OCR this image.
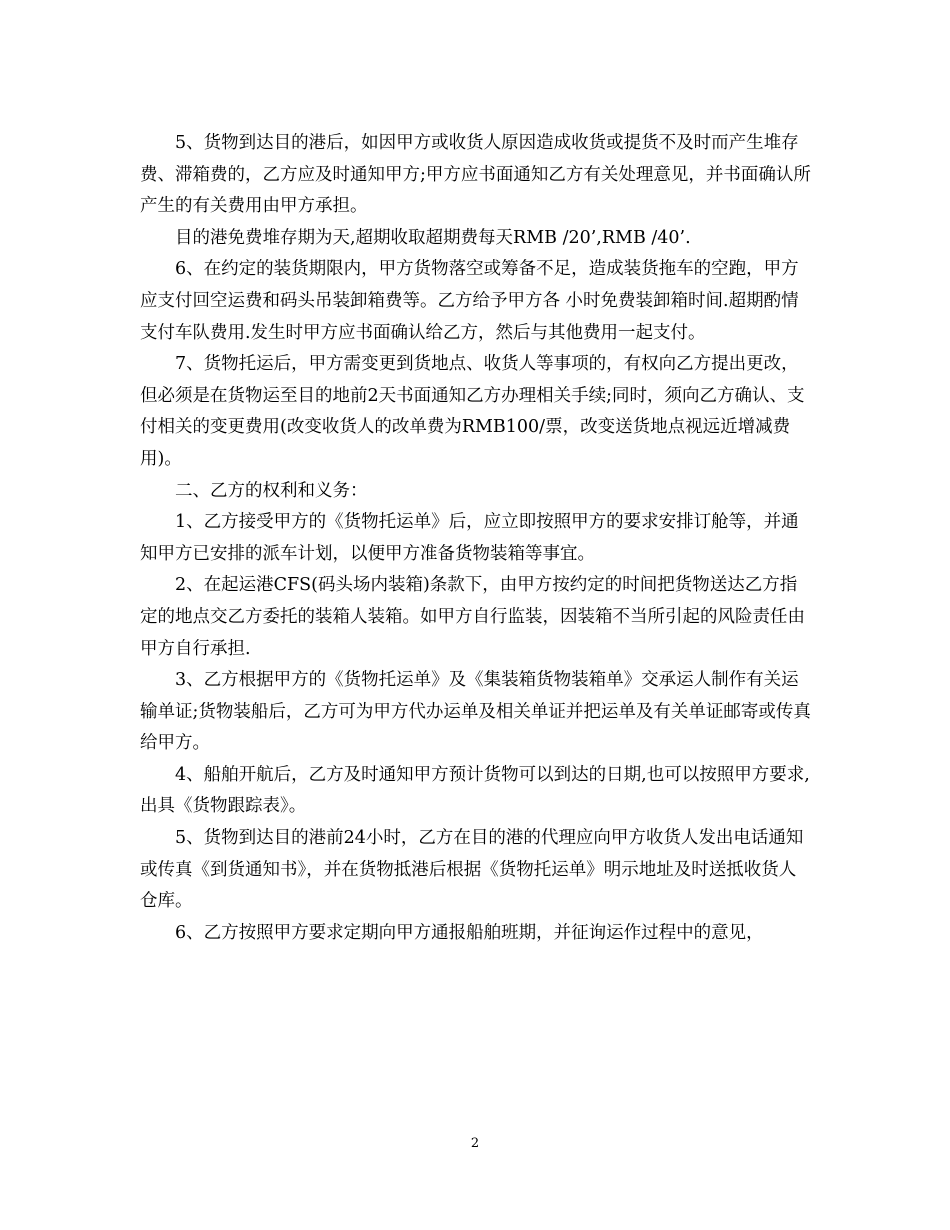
5、货物到达目的港后，如因甲方或收货人原因造成收货或提货不及时而产生堆存费、滞箱费的，乙方应及时通知甲方;甲方应书面通知乙方有关处理意见，并书面确认所产生的有关费用由甲方承担。

目的港免费堆存期为天,超期收取超期费每天RMB /20’,RMB /40’.

6、在约定的装货期限内，甲方货物落空或筹备不足，造成装货拖车的空跑，甲方应支付回空运费和码头吊装卸箱费等。乙方给予甲方各 小时免费装卸箱时间.超期酌情支付车队费用.发生时甲方应书面确认给乙方，然后与其他费用一起支付。

7、货物托运后，甲方需变更到货地点、收货人等事项的，有权向乙方提出更改，但必须是在货物运至目的地前2天书面通知乙方办理相关手续;同时，须向乙方确认、支付相关的变更费用(改变收货人的改单费为RMB100/票，改变送货地点视远近增减费用)。

二、乙方的权利和义务：

1、乙方接受甲方的《货物托运单》后，应立即按照甲方的要求安排订舱等，并通知甲方已安排的派车计划，以便甲方准备货物装箱等事宜。

2、在起运港CFS(码头场内装箱)条款下，由甲方按约定的时间把货物送达乙方指定的地点交乙方委托的装箱人装箱。如甲方自行监装，因装箱不当所引起的风险责任由甲方自行承担.

3、乙方根据甲方的《货物托运单》及《集装箱货物装箱单》交承运人制作有关运输单证;货物装船后，乙方可为甲方代办运单及相关单证并把运单及有关单证邮寄或传真给甲方。

4、船舶开航后，乙方及时通知甲方预计货物可以到达的日期,也可以按照甲方要求,出具《货物跟踪表》。

5、货物到达目的港前24小时，乙方在目的港的代理应向甲方收货人发出电话通知或传真《到货通知书》，并在货物抵港后根据《货物托运单》明示地址及时送抵收货人仓库。

6、乙方按照甲方要求定期向甲方通报船舶班期，并征询运作过程中的意见，

2
